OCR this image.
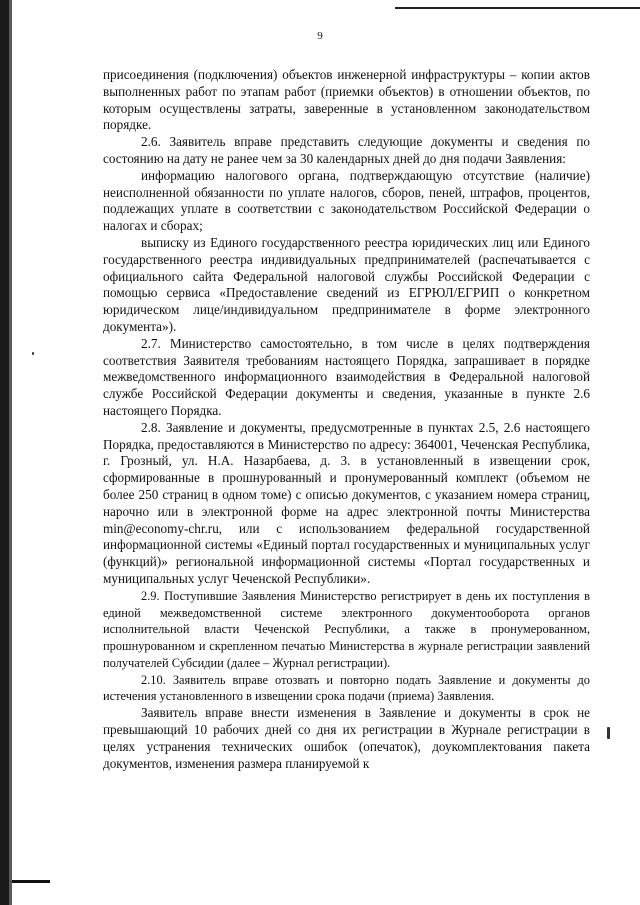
9

присоединения (подключения) объектов инженерной инфраструктуры – копии актов выполненных работ по этапам работ (приемки объектов) в отношении объектов, по которым осуществлены затраты, заверенные в установленном законодательством порядке.

2.6. Заявитель вправе представить следующие документы и сведения по состоянию на дату не ранее чем за 30 календарных дней до дня подачи Заявления:

информацию налогового органа, подтверждающую отсутствие (наличие) неисполненной обязанности по уплате налогов, сборов, пеней, штрафов, процентов, подлежащих уплате в соответствии с законодательством Российской Федерации о налогах и сборах;

выписку из Единого государственного реестра юридических лиц или Единого государственного реестра индивидуальных предпринимателей (распечатывается с официального сайта Федеральной налоговой службы Российской Федерации с помощью сервиса «Предоставление сведений из ЕГРЮЛ/ЕГРИП о конкретном юридическом лице/индивидуальном предпринимателе в форме электронного документа»).

2.7. Министерство самостоятельно, в том числе в целях подтверждения соответствия Заявителя требованиям настоящего Порядка, запрашивает в порядке межведомственного информационного взаимодействия в Федеральной налоговой службе Российской Федерации документы и сведения, указанные в пункте 2.6 настоящего Порядка.

2.8. Заявление и документы, предусмотренные в пунктах 2.5, 2.6 настоящего Порядка, предоставляются в Министерство по адресу: 364001, Чеченская Республика, г. Грозный, ул. Н.А. Назарбаева, д. 3. в установленный в извещении срок, сформированные в прошнурованный и пронумерованный комплект (объемом не более 250 страниц в одном томе) с описью документов, с указанием номера страниц, нарочно или в электронной форме на адрес электронной почты Министерства min@economy-chr.ru, или с использованием федеральной государственной информационной системы «Единый портал государственных и муниципальных услуг (функций)» региональной информационной системы «Портал государственных и муниципальных услуг Чеченской Республики».

2.9. Поступившие Заявления Министерство регистрирует в день их поступления в единой межведомственной системе электронного документооборота органов исполнительной власти Чеченской Республики, а также в пронумерованном, прошнурованном и скрепленном печатью Министерства в журнале регистрации заявлений получателей Субсидии (далее – Журнал регистрации).

2.10. Заявитель вправе отозвать и повторно подать Заявление и документы до истечения установленного в извещении срока подачи (приема) Заявления.

Заявитель вправе внести изменения в Заявление и документы в срок не превышающий 10 рабочих дней со дня их регистрации в Журнале регистрации в целях устранения технических ошибок (опечаток), доукомплектования пакета документов, изменения размера планируемой к
